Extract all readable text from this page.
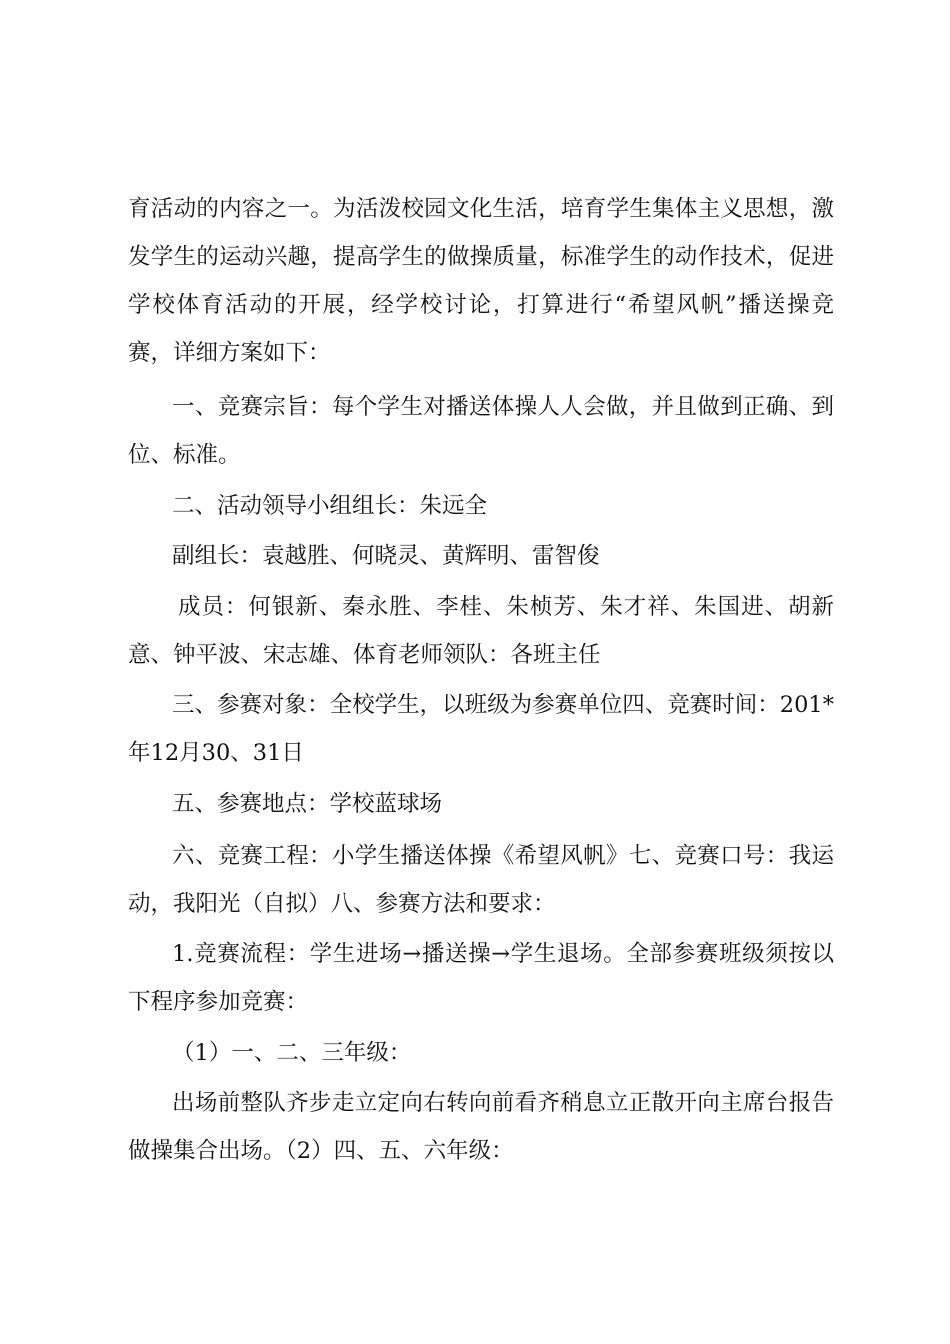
育活动的内容之一。为活泼校园文化生活，培育学生集体主义思想，激
发学生的运动兴趣，提高学生的做操质量，标准学生的动作技术，促进
学校体育活动的开展，经学校讨论，打算进行“希望风帆”播送操竞
赛，详细方案如下：
一、竞赛宗旨：每个学生对播送体操人人会做，并且做到正确、到
位、标准。
二、活动领导小组组长：朱远全
副组长：袁越胜、何晓灵、黄辉明、雷智俊
成员：何银新、秦永胜、李桂、朱桢芳、朱才祥、朱国进、胡新
意、钟平波、宋志雄、体育老师领队：各班主任
三、参赛对象：全校学生，以班级为参赛单位四、竞赛时间：201*
年12月30、31日
五、参赛地点：学校蓝球场
六、竞赛工程：小学生播送体操《希望风帆》七、竞赛口号：我运
动，我阳光（自拟）八、参赛方法和要求：
1.竞赛流程：学生进场→播送操→学生退场。全部参赛班级须按以
下程序参加竞赛：
（1）一、二、三年级：
出场前整队齐步走立定向右转向前看齐稍息立正散开向主席台报告
做操集合出场。（2）四、五、六年级：
